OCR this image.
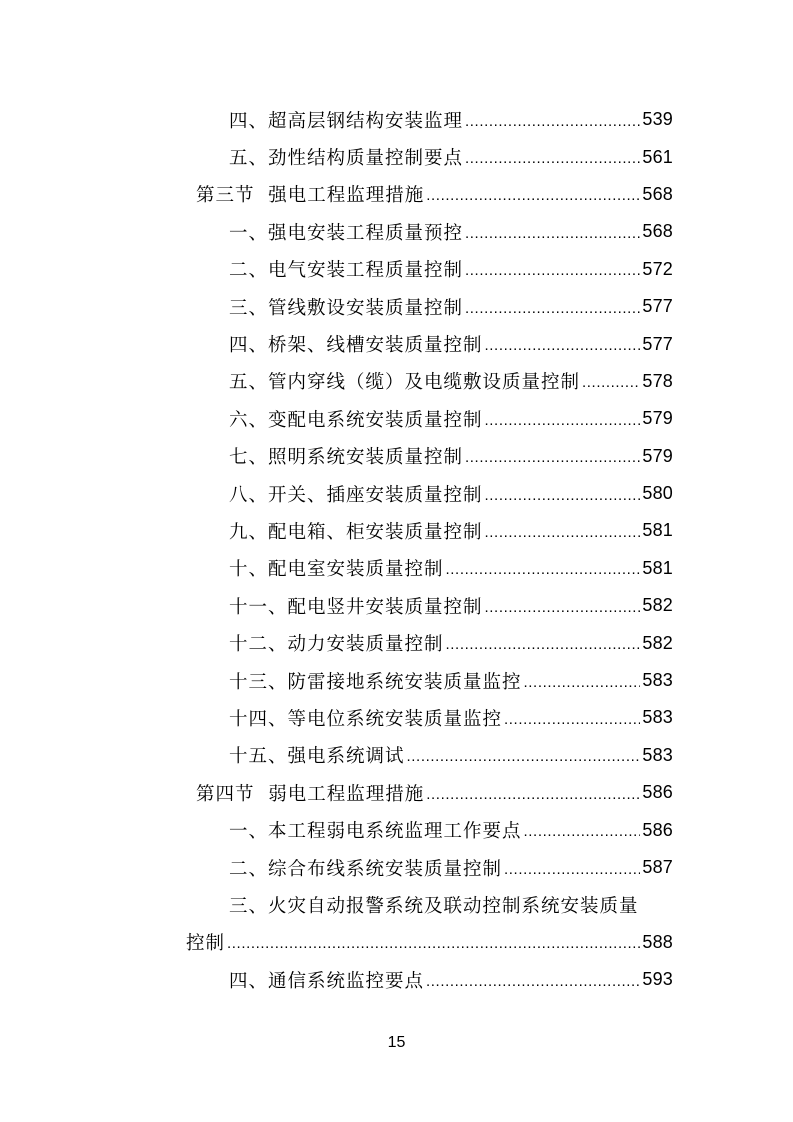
四、超高层钢结构安装监理 .....	539
五、劲性结构质量控制要点 .....	561
第三节  强电工程监理措施 .....	568
一、强电安装工程质量预控 .....	568
二、电气安装工程质量控制 .....	572
三、管线敷设安装质量控制 .....	577
四、桥架、线槽安装质量控制 .....	577
五、管内穿线（缆）及电缆敷设质量控制 .....	578
六、变配电系统安装质量控制 .....	579
七、照明系统安装质量控制 .....	579
八、开关、插座安装质量控制 .....	580
九、配电箱、柜安装质量控制 .....	581
十、配电室安装质量控制 .....	581
十一、配电竖井安装质量控制 .....	582
十二、动力安装质量控制 .....	582
十三、防雷接地系统安装质量监控 .....	583
十四、等电位系统安装质量监控 .....	583
十五、强电系统调试 .....	583
第四节  弱电工程监理措施 .....	586
一、本工程弱电系统监理工作要点 .....	586
二、综合布线系统安装质量控制 .....	587
三、火灾自动报警系统及联动控制系统安装质量
控制 .....	588
四、通信系统监控要点 .....	593
15
